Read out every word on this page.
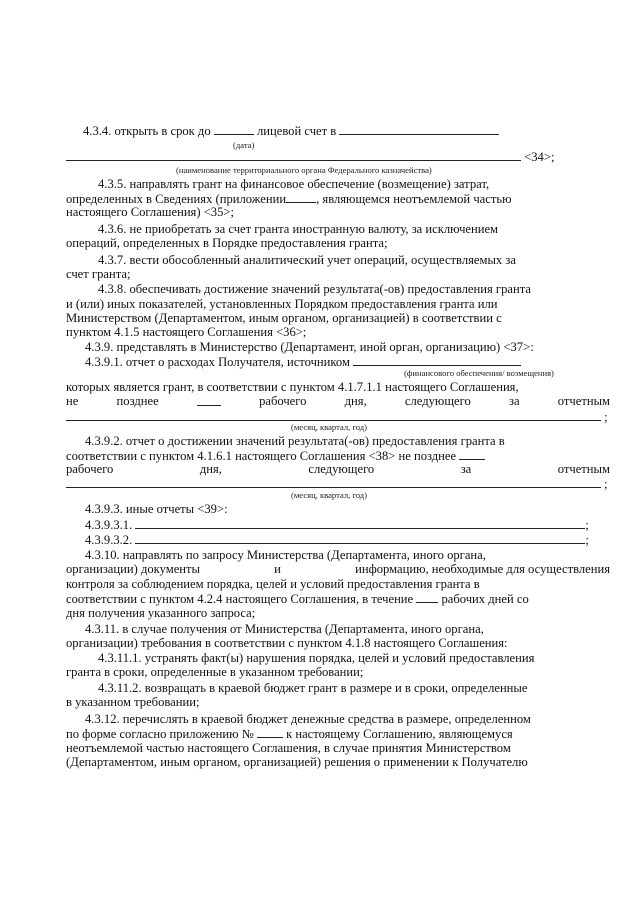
4.3.4. открыть в срок до	лицевой счет в
(дата)
<34>;
(наименование территориального органа Федерального казначейства)
4.3.5. направлять грант на финансовое обеспечение (возмещение) затрат,
определенных в Сведениях (приложении , являющемся неотъемлемой частью
настоящего Соглашения) <35>;
4.3.6. не приобретать за счет гранта иностранную валюту, за исключением
операций, определенных в Порядке предоставления гранта;
4.3.7. вести обособленный аналитический учет операций, осуществляемых за
счет гранта;
4.3.8. обеспечивать достижение значений результата(-ов) предоставления гранта
и (или) иных показателей, установленных Порядком предоставления гранта или
Министерством (Департаментом, иным органом, организацией) в соответствии с
пунктом 4.1.5 настоящего Соглашения <36>;
4.3.9. представлять в Министерство (Департамент, иной орган, организацию) <37>:
4.3.9.1. отчет о расходах Получателя, источником
(финансового обеспечения/ возмещения)
которых является грант, в соответствии с пунктом 4.1.7.1.1 настоящего Соглашения,
не	позднее	рабочего	дня,	следующего	за	отчетным
;
(месяц, квартал, год)
4.3.9.2. отчет о достижении значений результата(-ов) предоставления гранта в
соответствии с пунктом 4.1.6.1 настоящего Соглашения <38> не позднее
рабочего	дня,	следующего	за	отчетным
;
(месяц, квартал, год)
4.3.9.3. иные отчеты <39>:
4.3.9.3.1.	;
4.3.9.3.2.	;
4.3.10. направлять по запросу Министерства (Департамента, иного органа,
организации) документы	и	информацию, необходимые для осуществления
контроля за соблюдением порядка, целей и условий предоставления гранта в
соответствии с пунктом 4.2.4 настоящего Соглашения, в течение рабочих дней со
дня получения указанного запроса;
4.3.11. в случае получения от Министерства (Департамента, иного органа,
организации) требования в соответствии с пунктом 4.1.8 настоящего Соглашения:
4.3.11.1. устранять факт(ы) нарушения порядка, целей и условий предоставления
гранта в сроки, определенные в указанном требовании;
4.3.11.2. возвращать в краевой бюджет грант в размере и в сроки, определенные
в указанном требовании;
4.3.12. перечислять в краевой бюджет денежные средства в размере, определенном
по форме согласно приложению №	к настоящему Соглашению, являющемуся
неотъемлемой частью настоящего Соглашения, в случае принятия Министерством
(Департаментом, иным органом, организацией) решения о применении к Получателю
